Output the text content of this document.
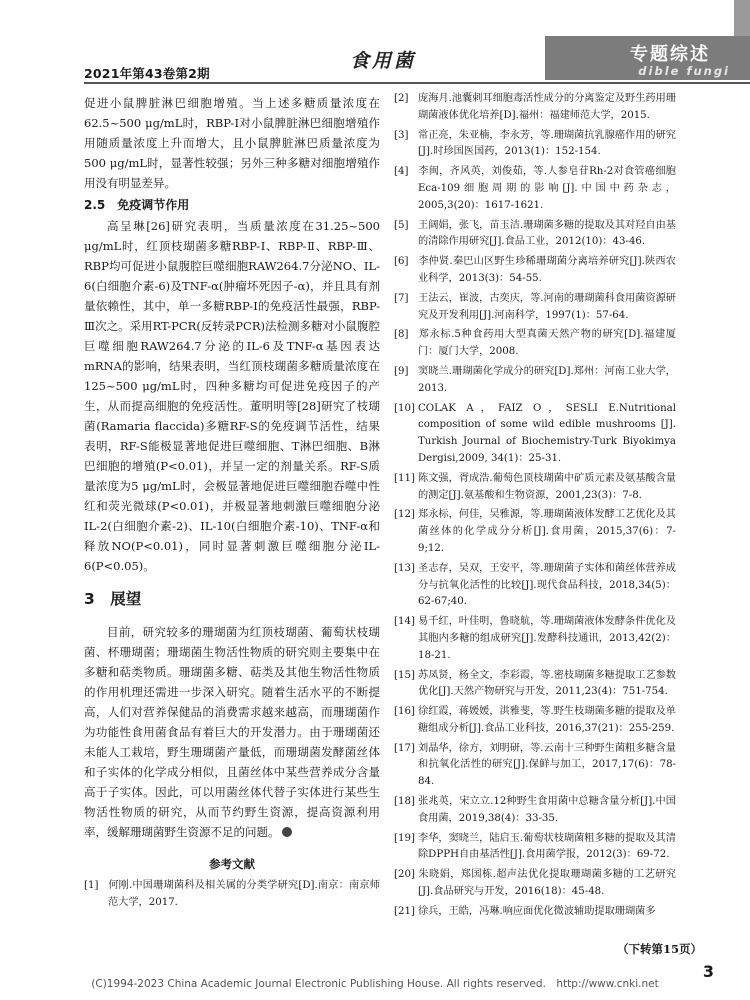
2021年第43卷第2期
食用菌	专题综述
dible fungi

促进小鼠脾脏淋巴细胞增殖。当上述多糖质量浓度在62.5~500 μg/mL时，RBP-Ⅰ对小鼠脾脏淋巴细胞增殖作用随质量浓度上升而增大，且小鼠脾脏淋巴质量浓度为500 μg/mL时，显著性较强；另外三种多糖对细胞增殖作用没有明显差异。

2.5　免疫调节作用

高呈琳[26]研究表明，当质量浓度在31.25~500 μg/mL时，红顶枝瑚菌多糖RBP-Ⅰ、RBP-Ⅱ、RBP-Ⅲ、RBP均可促进小鼠腹腔巨噬细胞RAW264.7分泌NO、IL-6(白细胞介素-6)及TNF-α(肿瘤坏死因子-α)，并且具有剂量依赖性，其中，单一多糖RBP-Ⅰ的免疫活性最强，RBP-Ⅲ次之。采用RT-PCR(反转录PCR)法检测多糖对小鼠腹腔巨噬细胞RAW264.7分泌的IL-6及TNF-α基因表达mRNA的影响，结果表明，当红顶枝瑚菌多糖质量浓度在125~500 μg/mL时，四种多糖均可促进免疫因子的产生，从而提高细胞的免疫活性。董明明等[28]研究了枝瑚菌(Ramaria flaccida)多糖RF-S的免疫调节活性，结果表明，RF-S能极显著地促进巨噬细胞、T淋巴细胞、B淋巴细胞的增殖(P<0.01)，并呈一定的剂量关系。RF-S质量浓度为5 μg/mL时，会极显著地促进巨噬细胞吞噬中性红和荧光微球(P<0.01)，并极显著地刺激巨噬细胞分泌IL-2(白细胞介素-2)、IL-10(白细胞介素-10)、TNF-α和释放NO(P<0.01)，同时显著刺激巨噬细胞分泌IL-6(P<0.05)。

3　展望

目前，研究较多的珊瑚菌为红顶枝瑚菌、葡萄状枝瑚菌、杯珊瑚菌；珊瑚菌生物活性物质的研究则主要集中在多糖和萜类物质。珊瑚菌多糖、萜类及其他生物活性物质的作用机理还需进一步深入研究。随着生活水平的不断提高，人们对营养保健品的消费需求越来越高，而珊瑚菌作为功能性食用菌食品有着巨大的开发潜力。由于珊瑚菌还未能人工栽培，野生珊瑚菌产量低，而珊瑚菌发酵菌丝体和子实体的化学成分相似，且菌丝体中某些营养成分含量高于子实体。因此，可以用菌丝体代替子实体进行某些生物活性物质的研究，从而节约野生资源，提高资源利用率，缓解珊瑚菌野生资源不足的问题。

参考文献

[1] 何刚.中国珊瑚菌科及相关属的分类学研究[D].南京：南京师范大学，2017.

[2] 庞海月.池囊刺耳细胞毒活性成分的分离鉴定及野生药用珊瑚菌液体优化培养[D].福州：福建师范大学，2015.

[3] 常正亮，朱亚楠，李永芳，等.珊瑚菌抗乳腺癌作用的研究[J].时珍国医国药，2013(1)：152-154.

[4] 李闽，齐风英，刘俊茹，等.人参皂苷Rh-2对食管癌细胞Eca-109细胞周期的影响[J].中国中药杂志，2005,3(20)：1617-1621.

[5] 王阔娟，张飞，苗玉洁.珊瑚菌多糖的提取及其对羟自由基的清除作用研究[J].食品工业，2012(10)：43-46.

[6] 李仲贤.秦巴山区野生珍稀珊瑚菌分离培养研究[J].陕西农业科学，2013(3)：54-55.

[7] 王法云，崔波，古奕庆，等.河南的珊瑚菌科食用菌资源研究及开发利用[J].河南科学，1997(1)：57-64.

[8] 郑永标.5种食药用大型真菌天然产物的研究[D].福建厦门：厦门大学，2008.

[9] 窦晓兰.珊瑚菌化学成分的研究[D].郑州：河南工业大学，2013.

[10] COLAK A，FAIZ O，SESLI E.Nutritional composition of some wild edible mushrooms [J]. Turkish Journal of Biochemistry-Turk Biyokimya Dergisi,2009, 34(1)：25-31.

[11] 陈文强，胥成浩.葡萄色顶枝瑚菌中矿质元素及氨基酸含量的测定[J].氨基酸和生物资源，2001,23(3)：7-8.

[12] 郑永标，何佳，吴雅源，等.珊瑚菌液体发酵工艺优化及其菌丝体的化学成分分析[J].食用菌，2015,37(6)：7-9;12.

[13] 圣志存，吴双，王安平，等.珊瑚菌子实体和菌丝体营养成分与抗氧化活性的比较[J].现代食品科技，2018,34(5)：62-67;40.

[14] 易千红，叶佳明，鲁晓航，等.珊瑚菌液体发酵条件优化及其胞内多糖的组成研究[J].发酵科技通讯，2013,42(2)：18-21.

[15] 苏凤贤，杨全文，李彩霞，等.密枝瑚菌多糖提取工艺参数优化[J].天然产物研究与开发，2011,23(4)：751-754.

[16] 徐红霞，蒋媛媛，洪雅斐，等.野生枝瑚菌多糖的提取及单糖组成分析[J].食品工业科技，2016,37(21)：255-259.

[17] 刘晶华，徐方，刘明研，等.云南十三种野生菌粗多糖含量和抗氧化活性的研究[J].保鲜与加工，2017,17(6)：78-84.

[18] 张兆英，宋立立.12种野生食用菌中总糖含量分析[J].中国食用菌，2019,38(4)：33-35.

[19] 李华，窦晓兰，陆启玉.葡萄状枝瑚菌粗多糖的提取及其清除DPPH自由基活性[J].食用菌学报，2012(3)：69-72.

[20] 朱晓娟，郑国栋.超声法优化提取珊瑚菌多糖的工艺研究[J].食品研究与开发，2016(18)：45-48.

[21] 徐兵，王皓，冯琳.响应面优化微波辅助提取珊瑚菌多

（下转第15页）
3
(C)1994-2023 China Academic Journal Electronic Publishing House. All rights reserved.　http://www.cnki.net
